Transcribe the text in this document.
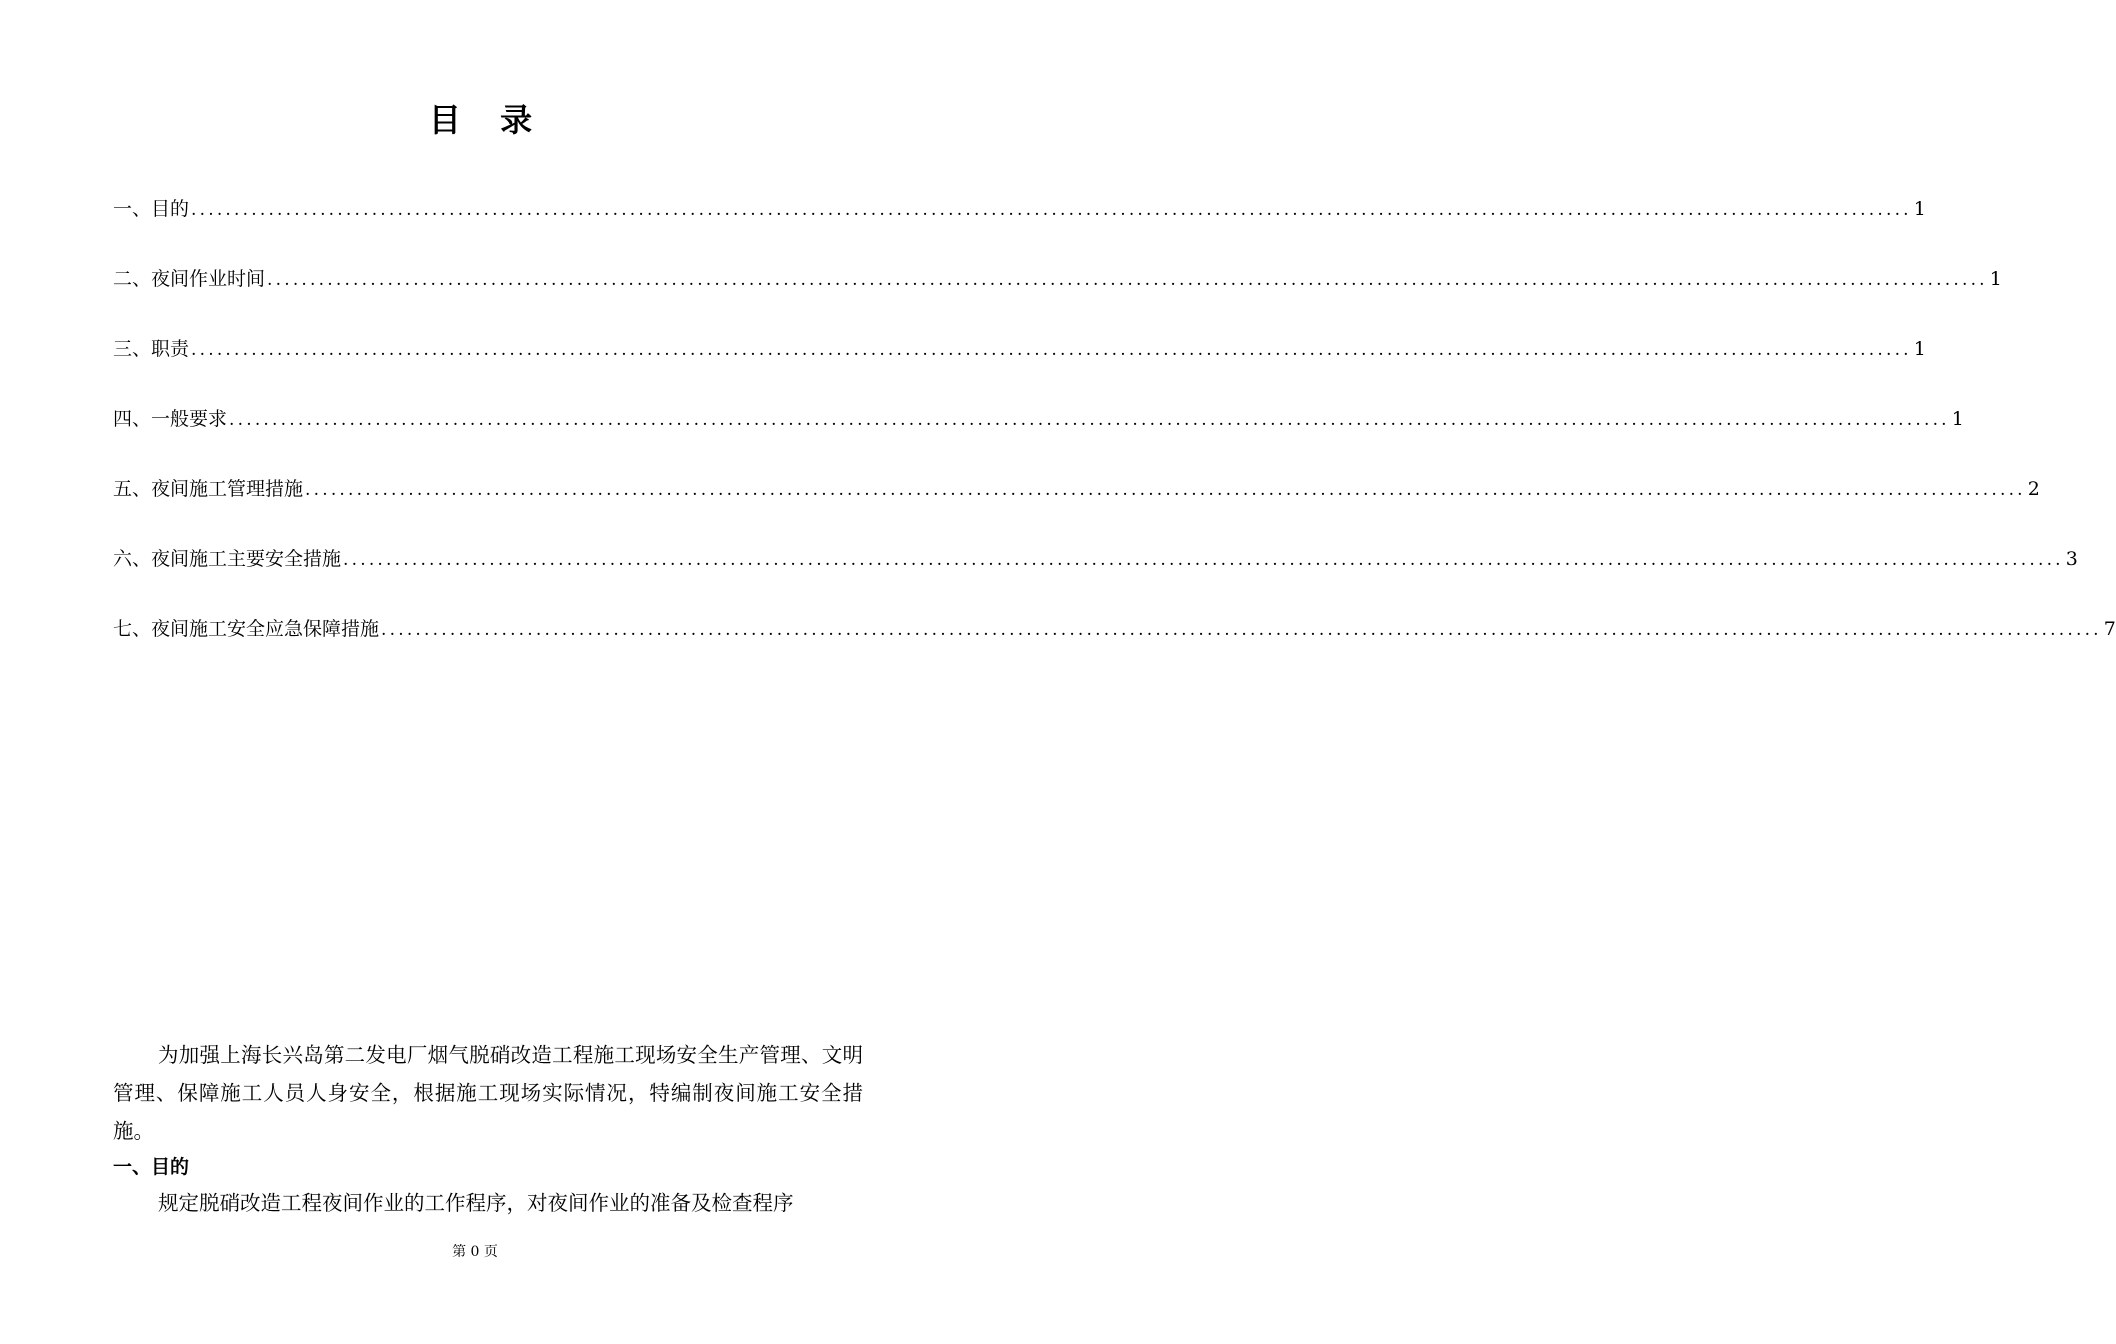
目 录
一、目的 ........................................................................................................................................................................................................ 1
二、夜间作业时间 ........................................................................................................................................................................................................ 1
三、职责 ........................................................................................................................................................................................................ 1
四、一般要求 ........................................................................................................................................................................................................ 1
五、夜间施工管理措施 ........................................................................................................................................................................................................ 2
六、夜间施工主要安全措施 ........................................................................................................................................................................................................ 3
七、夜间施工安全应急保障措施 ........................................................................................................................................................................................................ 7

为加强上海长兴岛第二发电厂烟气脱硝改造工程施工现场安全生产管理、文明管理、保障施工人员人身安全，根据施工现场实际情况，特编制夜间施工安全措施。

一、目的

规定脱硝改造工程夜间作业的工作程序，对夜间作业的准备及检查程序

第 0 页
